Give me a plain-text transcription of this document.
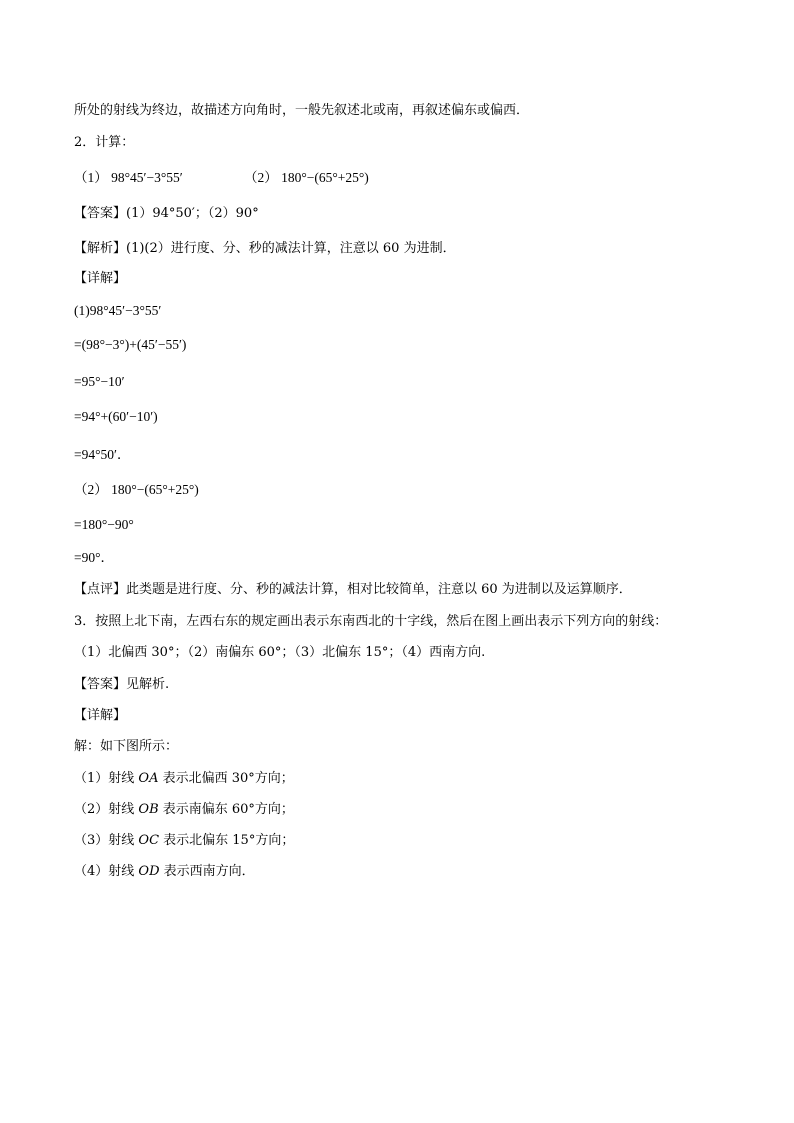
所处的射线为终边，故描述方向角时，一般先叙述北或南，再叙述偏东或偏西．
2．计算：
（1） 98°45′−3°55′	（2） 180°−(65°+25°)
【答案】(1）94°50′；（2）90°
【解析】(1)(2）进行度、分、秒的减法计算，注意以 60 为进制．
【详解】
(1)98°45′−3°55′
=(98°−3°)+(45′−55′)
=95°−10′
=94°+(60′−10′)
=94°50′．
（2） 180°−(65°+25°)
=180°−90°
=90°．
【点评】此类题是进行度、分、秒的减法计算，相对比较简单，注意以 60 为进制以及运算顺序．
3．按照上北下南，左西右东的规定画出表示东南西北的十字线，然后在图上画出表示下列方向的射线：
（1）北偏西 30°；（2）南偏东 60°；（3）北偏东 15°；（4）西南方向.
【答案】见解析.
【详解】
解：如下图所示：
（1）射线 OA 表示北偏西 30°方向；
（2）射线 OB 表示南偏东 60°方向；
（3）射线 OC 表示北偏东 15°方向；
（4）射线 OD 表示西南方向．
